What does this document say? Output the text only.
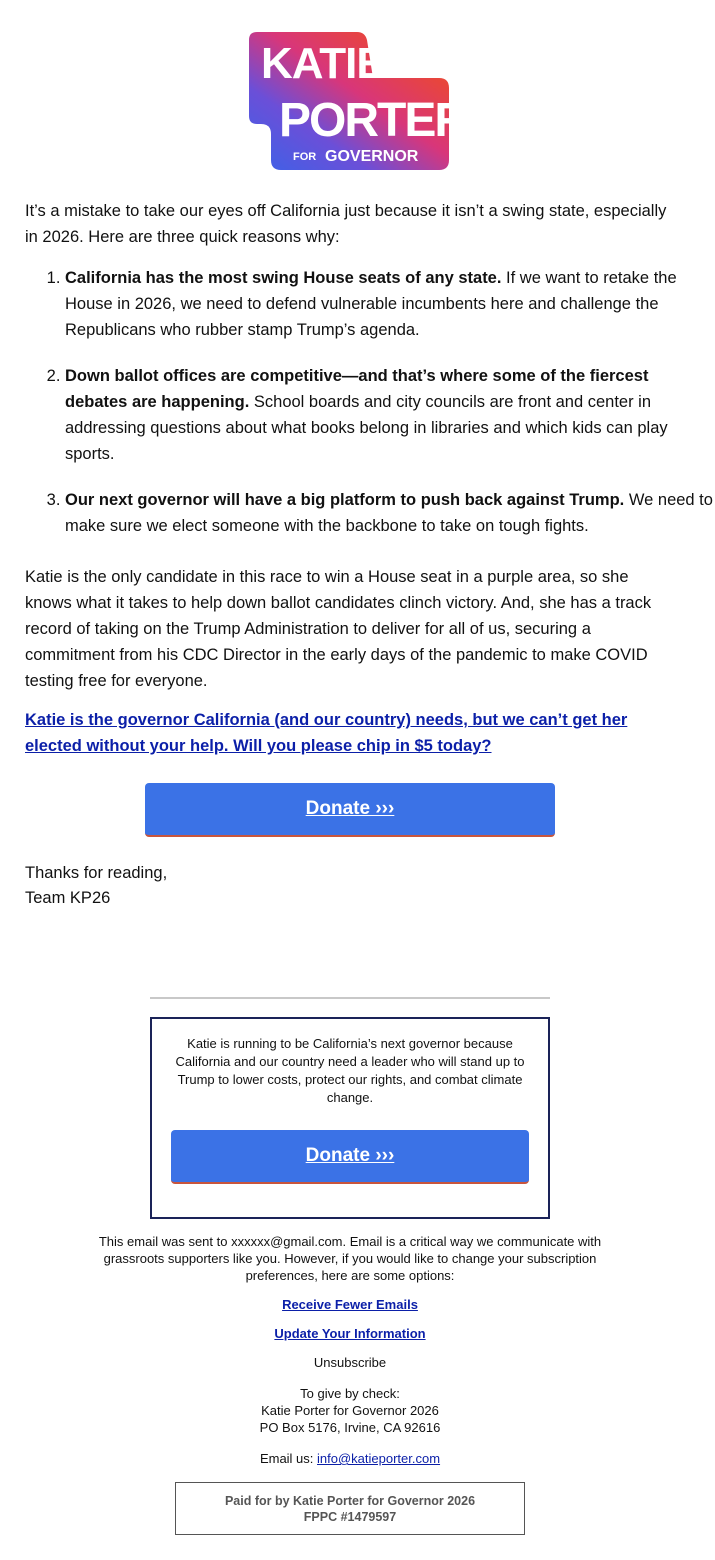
KATIE
PORTER
FOR GOVERNOR

It’s a mistake to take our eyes off California just because it isn’t a swing state, especially in 2026. Here are three quick reasons why:

1. California has the most swing House seats of any state. If we want to retake the House in 2026, we need to defend vulnerable incumbents here and challenge the Republicans who rubber stamp Trump’s agenda.
2. Down ballot offices are competitive—and that’s where some of the fiercest debates are happening. School boards and city councils are front and center in addressing questions about what books belong in libraries and which kids can play sports.
3. Our next governor will have a big platform to push back against Trump. We need to make sure we elect someone with the backbone to take on tough fights.

Katie is the only candidate in this race to win a House seat in a purple area, so she knows what it takes to help down ballot candidates clinch victory. And, she has a track record of taking on the Trump Administration to deliver for all of us, securing a commitment from his CDC Director in the early days of the pandemic to make COVID testing free for everyone.

Katie is the governor California (and our country) needs, but we can’t get her elected without your help. Will you please chip in $5 today?
Donate ›››
Thanks for reading,
Team KP26
Katie is running to be California’s next governor because California and our country need a leader who will stand up to Trump to lower costs, protect our rights, and combat climate change.
Donate ›››
This email was sent to xxxxxx@gmail.com. Email is a critical way we communicate with grassroots supporters like you. However, if you would like to change your subscription preferences, here are some options:
Receive Fewer Emails
Update Your Information
Unsubscribe
To give by check:
Katie Porter for Governor 2026
PO Box 5176, Irvine, CA 92616
Email us: info@katieporter.com
Paid for by Katie Porter for Governor 2026
FPPC #1479597
